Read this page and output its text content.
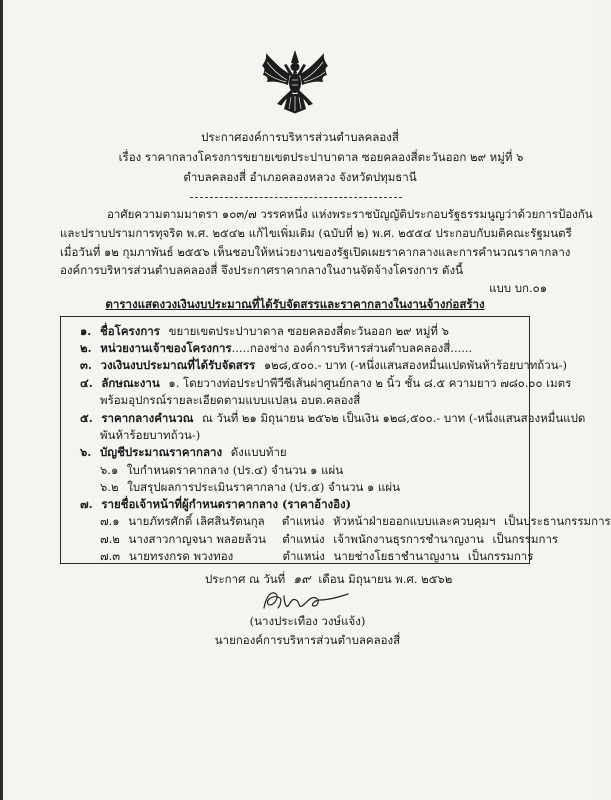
ประกาศองค์การบริหารส่วนตำบลคลองสี่
เรื่อง ราคากลางโครงการขยายเขตประปาบาดาล ซอยคลองสี่ตะวันออก ๒๙ หมู่ที่ ๖
ตำบลคลองสี่ อำเภอคลองหลวง จังหวัดปทุมธานี
อาศัยความตามมาตรา ๑๐๓/๗ วรรคหนึ่ง แห่งพระราชบัญญัติประกอบรัฐธรรมนูญว่าด้วยการป้องกัน
และปราบปรามการทุจริต พ.ศ. ๒๕๔๒ แก้ไขเพิ่มเติม (ฉบับที่ ๒) พ.ศ. ๒๕๕๔ ประกอบกับมติคณะรัฐมนตรี
เมื่อวันที่ ๑๒ กุมภาพันธ์ ๒๕๕๖ เห็นชอบให้หน่วยงานของรัฐเปิดเผยราคากลางและการคำนวณราคากลาง
องค์การบริหารส่วนตำบลคลองสี่ จึงประกาศราคากลางในงานจัดจ้างโครงการ ดังนี้
แบบ บก.๐๑
ตารางแสดงวงเงินงบประมาณที่ได้รับจัดสรรและราคากลางในงานจ้างก่อสร้าง
๑. ชื่อโครงการ ขยายเขตประปาบาดาล ซอยคลองสี่ตะวันออก ๒๙ หมู่ที่ ๖
๒. หน่วยงานเจ้าของโครงการ.....กองช่าง องค์การบริหารส่วนตำบลคลองสี่......
๓. วงเงินงบประมาณที่ได้รับจัดสรร ๑๒๘,๕๐๐.- บาท (-หนึ่งแสนสองหมื่นแปดพันห้าร้อยบาทถ้วน-)
๔. ลักษณะงาน ๑. โดยวางท่อประปาพีวีซีเส้นผ่าศูนย์กลาง ๒ นิ้ว ชั้น ๘.๕ ความยาว ๗๘๐.๐๐ เมตร
พร้อมอุปกรณ์รายละเอียดตามแบบแปลน อบต.คลองสี่
๕. ราคากลางคำนวณ ณ วันที่ ๒๑ มิถุนายน ๒๕๖๒ เป็นเงิน ๑๒๘,๕๐๐.- บาท (-หนึ่งแสนสองหมื่นแปด
พันห้าร้อยบาทถ้วน-)
๖. บัญชีประมาณราคากลาง ดังแบบท้าย
๖.๑ ใบกำหนดราคากลาง (ปร.๔) จำนวน ๑ แผ่น
๖.๒ ใบสรุปผลการประเมินราคากลาง (ปร.๕) จำนวน ๑ แผ่น
๗. รายชื่อเจ้าหน้าที่ผู้กำหนดราคากลาง (ราคาอ้างอิง)
๗.๑ นายภัทรศักดิ์ เลิศสินรัตนกุล ตำแหน่ง หัวหน้าฝ่ายออกแบบและควบคุมฯ เป็นประธานกรรมการ
๗.๒ นางสาวกาญจนา พลอยล้วน ตำแหน่ง เจ้าพนักงานธุรการชำนาญงาน เป็นกรรมการ
๗.๓ นายทรงกรด พวงทอง	ตำแหน่ง นายช่างโยธาชำนาญงาน เป็นกรรมการ
ประกาศ ณ วันที่ ๑๙ เดือน มิถุนายน พ.ศ. ๒๕๖๒
(นางประเทือง วงษ์แจ้ง)
นายกองค์การบริหารส่วนตำบลคลองสี่
